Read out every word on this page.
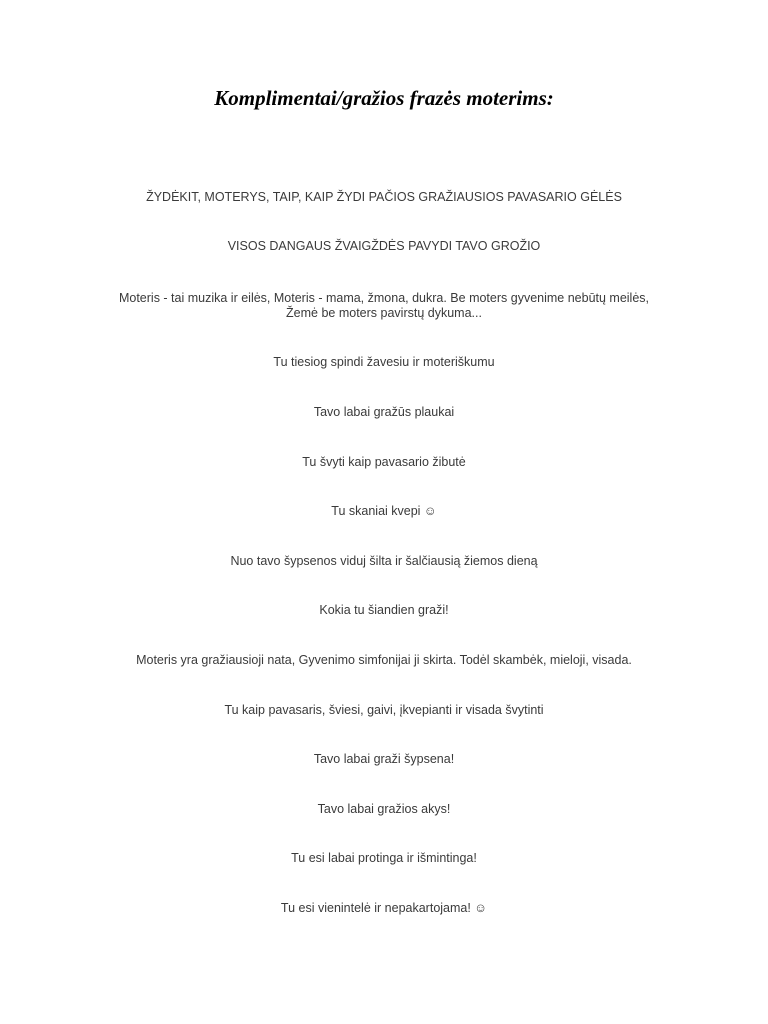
Komplimentai/gražios frazės moterims:

ŽYDĖKIT, MOTERYS, TAIP, KAIP ŽYDI PAČIOS GRAŽIAUSIOS PAVASARIO GĖLĖS

VISOS DANGAUS ŽVAIGŽDĖS PAVYDI TAVO GROŽIO

Moteris - tai muzika ir eilės, Moteris - mama, žmona, dukra. Be moters gyvenime nebūtų meilės,
Žemė be moters pavirstų dykuma...

Tu tiesiog spindi žavesiu ir moteriškumu

Tavo labai gražūs plaukai

Tu švyti kaip pavasario žibutė

Tu skaniai kvepi ☺

Nuo tavo šypsenos viduj šilta ir šalčiausią žiemos dieną

Kokia tu šiandien graži!

Moteris yra gražiausioji nata, Gyvenimo simfonijai ji skirta. Todėl skambėk, mieloji, visada.

Tu kaip pavasaris, šviesi, gaivi, įkvepianti ir visada švytinti

Tavo labai graži šypsena!

Tavo labai gražios akys!

Tu esi labai protinga ir išmintinga!

Tu esi vienintelė ir nepakartojama! ☺
